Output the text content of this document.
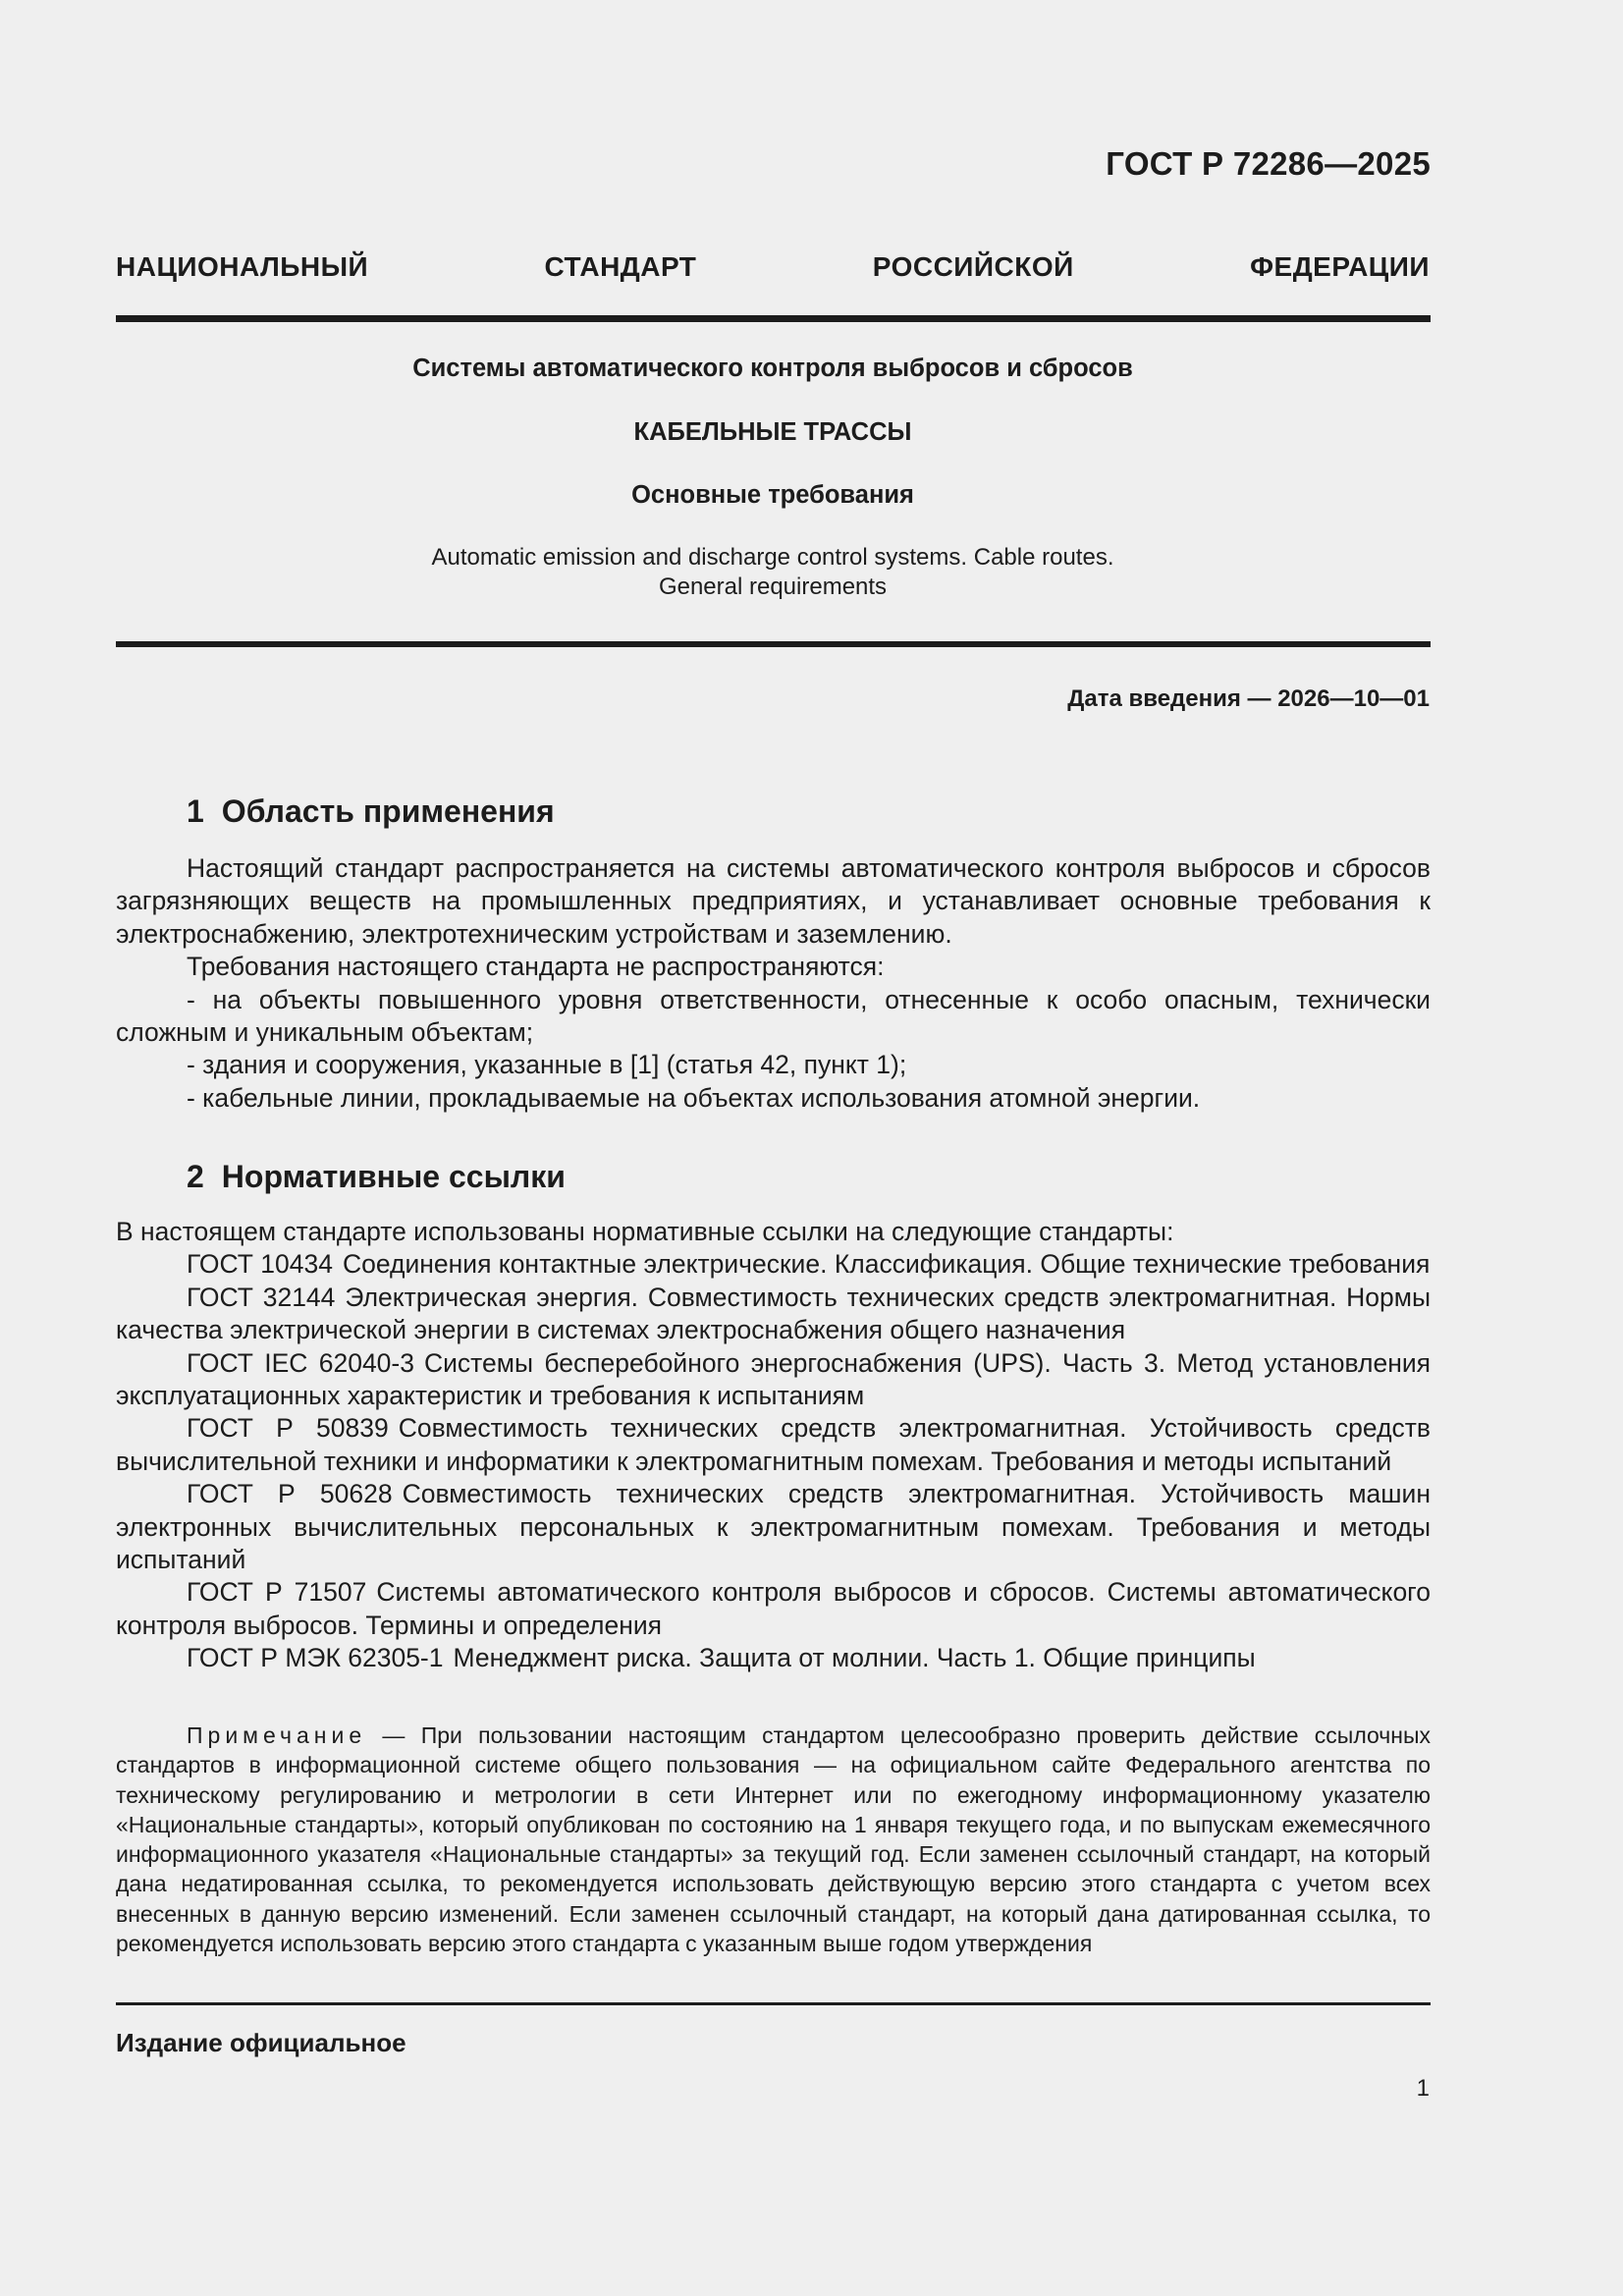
ГОСТ Р 72286—2025
НАЦИОНАЛЬНЫЙ СТАНДАРТ РОССИЙСКОЙ ФЕДЕРАЦИИ
Системы автоматического контроля выбросов и сбросов
КАБЕЛЬНЫЕ ТРАССЫ
Основные требования
Automatic emission and discharge control systems. Cable routes.
General requirements
Дата введения — 2026—10—01
1 Область применения

Настоящий стандарт распространяется на системы автоматического контроля выбросов и сбросов загрязняющих веществ на промышленных предприятиях, и устанавливает основные требования к электроснабжению, электротехническим устройствам и заземлению.

Требования настоящего стандарта не распространяются:

- на объекты повышенного уровня ответственности, отнесенные к особо опасным, технически сложным и уникальным объектам;

- здания и сооружения, указанные в [1] (статья 42, пункт 1);

- кабельные линии, прокладываемые на объектах использования атомной энергии.

2 Нормативные ссылки

В настоящем стандарте использованы нормативные ссылки на следующие стандарты:

ГОСТ 10434 Соединения контактные электрические. Классификация. Общие технические требования

ГОСТ 32144 Электрическая энергия. Совместимость технических средств электромагнитная. Нормы качества электрической энергии в системах электроснабжения общего назначения

ГОСТ IEC 62040-3 Системы бесперебойного энергоснабжения (UPS). Часть 3. Метод установления эксплуатационных характеристик и требования к испытаниям

ГОСТ Р 50839 Совместимость технических средств электромагнитная. Устойчивость средств вычислительной техники и информатики к электромагнитным помехам. Требования и методы испытаний

ГОСТ Р 50628 Совместимость технических средств электромагнитная. Устойчивость машин электронных вычислительных персональных к электромагнитным помехам. Требования и методы испытаний

ГОСТ Р 71507 Системы автоматического контроля выбросов и сбросов. Системы автоматического контроля выбросов. Термины и определения

ГОСТ Р МЭК 62305-1 Менеджмент риска. Защита от молнии. Часть 1. Общие принципы

Примечание — При пользовании настоящим стандартом целесообразно проверить действие ссылочных стандартов в информационной системе общего пользования — на официальном сайте Федерального агентства по техническому регулированию и метрологии в сети Интернет или по ежегодному информационному указателю «Национальные стандарты», который опубликован по состоянию на 1 января текущего года, и по выпускам ежемесячного информационного указателя «Национальные стандарты» за текущий год. Если заменен ссылочный стандарт, на который дана недатированная ссылка, то рекомендуется использовать действующую версию этого стандарта с учетом всех внесенных в данную версию изменений. Если заменен ссылочный стандарт, на который дана датированная ссылка, то рекомендуется использовать версию этого стандарта с указанным выше годом утверждения

Издание официальное
1
